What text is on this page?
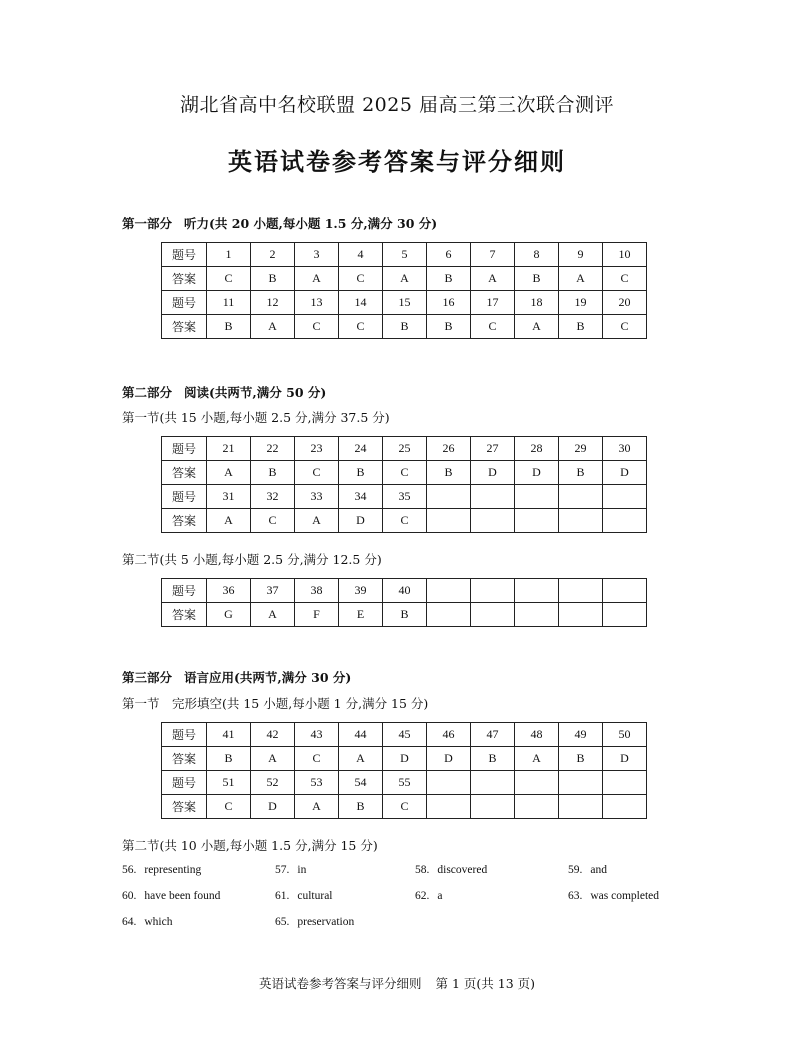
湖北省高中名校联盟 2025 届高三第三次联合测评
英语试卷参考答案与评分细则
第一部分 听力(共 20 小题,每小题 1.5 分,满分 30 分)
题号	1	2	3	4	5	6	7	8	9	10
答案	C	B	A	C	A	B	A	B	A	C
题号	11	12	13	14	15	16	17	18	19	20
答案	B	A	C	C	B	B	C	A	B	C
第二部分 阅读(共两节,满分 50 分)
第一节(共 15 小题,每小题 2.5 分,满分 37.5 分)
题号	21	22	23	24	25	26	27	28	29	30
答案	A	B	C	B	C	B	D	D	B	D
题号	31	32	33	34	35					
答案	A	C	A	D	C					
第二节(共 5 小题,每小题 2.5 分,满分 12.5 分)
题号	36	37	38	39	40					
答案	G	A	F	E	B					
第三部分 语言应用(共两节,满分 30 分)
第一节　完形填空(共 15 小题,每小题 1 分,满分 15 分)
题号	41	42	43	44	45	46	47	48	49	50
答案	B	A	C	A	D	D	B	A	B	D
题号	51	52	53	54	55					
答案	C	D	A	B	C					
第二节(共 10 小题,每小题 1.5 分,满分 15 分)
56. representing	57. in	58. discovered	59. and
60. have been found	61. cultural	62. a	63. was completed
64. which	65. preservation
英语试卷参考答案与评分细则 第 1 页(共 13 页)
